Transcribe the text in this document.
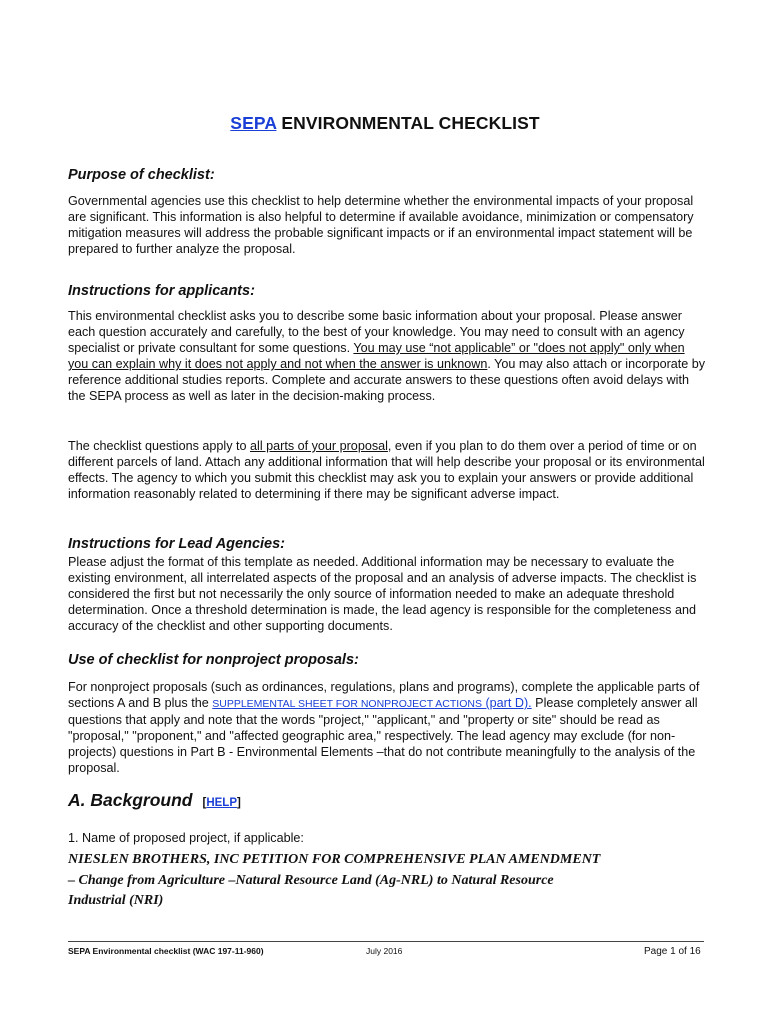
SEPA ENVIRONMENTAL CHECKLIST
Purpose of checklist:

Governmental agencies use this checklist to help determine whether the environmental impacts of your proposal are significant. This information is also helpful to determine if available avoidance, minimization or compensatory mitigation measures will address the probable significant impacts or if an environmental impact statement will be prepared to further analyze the proposal.

Instructions for applicants:

This environmental checklist asks you to describe some basic information about your proposal. Please answer each question accurately and carefully, to the best of your knowledge. You may need to consult with an agency specialist or private consultant for some questions. You may use “not applicable” or "does not apply" only when you can explain why it does not apply and not when the answer is unknown. You may also attach or incorporate by reference additional studies reports. Complete and accurate answers to these questions often avoid delays with the SEPA process as well as later in the decision-making process.

The checklist questions apply to all parts of your proposal, even if you plan to do them over a period of time or on different parcels of land. Attach any additional information that will help describe your proposal or its environmental effects. The agency to which you submit this checklist may ask you to explain your answers or provide additional information reasonably related to determining if there may be significant adverse impact.

Instructions for Lead Agencies:

Please adjust the format of this template as needed. Additional information may be necessary to evaluate the existing environment, all interrelated aspects of the proposal and an analysis of adverse impacts. The checklist is considered the first but not necessarily the only source of information needed to make an adequate threshold determination. Once a threshold determination is made, the lead agency is responsible for the completeness and accuracy of the checklist and other supporting documents.

Use of checklist for nonproject proposals:

For nonproject proposals (such as ordinances, regulations, plans and programs), complete the applicable parts of sections A and B plus the SUPPLEMENTAL SHEET FOR NONPROJECT ACTIONS (part D). Please completely answer all questions that apply and note that the words "project," "applicant," and "property or site" should be read as "proposal," "proponent," and "affected geographic area," respectively. The lead agency may exclude (for non-projects) questions in Part B - Environmental Elements –that do not contribute meaningfully to the analysis of the proposal.

A. Background [HELP]
1. Name of proposed project, if applicable:
NIESLEN BROTHERS, INC PETITION FOR COMPREHENSIVE PLAN AMENDMENT
– Change from Agriculture –Natural Resource Land (Ag-NRL) to Natural Resource
Industrial (NRI)
SEPA Environmental checklist (WAC 197-11-960)	July 2016	Page 1 of 16
